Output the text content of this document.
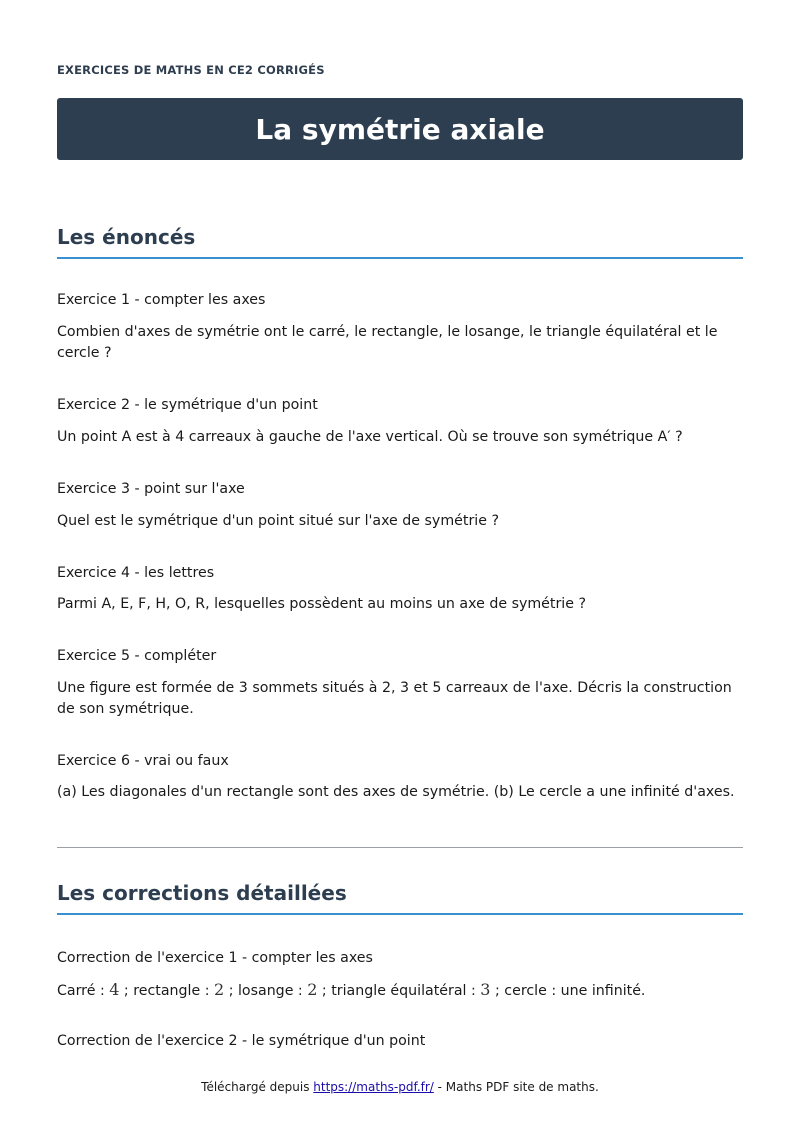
EXERCICES DE MATHS EN CE2 CORRIGÉS
La symétrie axiale
Les énoncés
Exercice 1 - compter les axes
Combien d'axes de symétrie ont le carré, le rectangle, le losange, le triangle équilatéral et le cercle ?
Exercice 2 - le symétrique d'un point
Un point A est à 4 carreaux à gauche de l'axe vertical. Où se trouve son symétrique A′ ?
Exercice 3 - point sur l'axe
Quel est le symétrique d'un point situé sur l'axe de symétrie ?
Exercice 4 - les lettres
Parmi A, E, F, H, O, R, lesquelles possèdent au moins un axe de symétrie ?
Exercice 5 - compléter
Une figure est formée de 3 sommets situés à 2, 3 et 5 carreaux de l'axe. Décris la construction de son symétrique.
Exercice 6 - vrai ou faux
(a) Les diagonales d'un rectangle sont des axes de symétrie. (b) Le cercle a une infinité d'axes.
Les corrections détaillées
Correction de l'exercice 1 - compter les axes
Carré : 4 ; rectangle : 2 ; losange : 2 ; triangle équilatéral : 3 ; cercle : une infinité.
Correction de l'exercice 2 - le symétrique d'un point
Téléchargé depuis https://maths-pdf.fr/ - Maths PDF site de maths.
